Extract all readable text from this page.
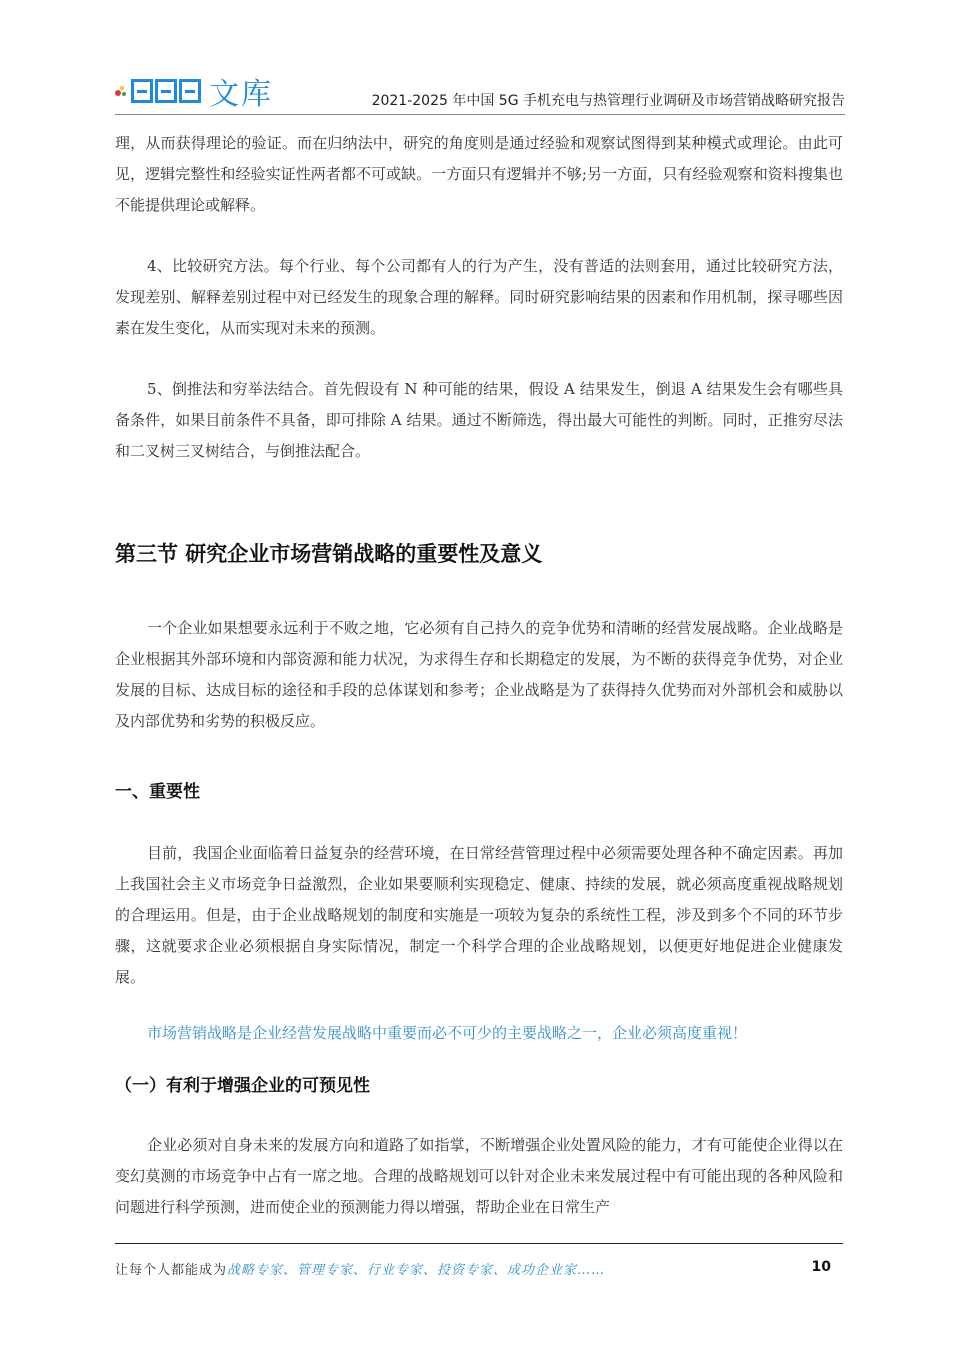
文库	2021-2025 年中国 5G 手机充电与热管理行业调研及市场营销战略研究报告

理，从而获得理论的验证。而在归纳法中，研究的角度则是通过经验和观察试图得到某种模式或理论。由此可见，逻辑完整性和经验实证性两者都不可或缺。一方面只有逻辑并不够;另一方面，只有经验观察和资料搜集也不能提供理论或解释。

4、比较研究方法。每个行业、每个公司都有人的行为产生，没有普适的法则套用，通过比较研究方法，发现差别、解释差别过程中对已经发生的现象合理的解释。同时研究影响结果的因素和作用机制，探寻哪些因素在发生变化，从而实现对未来的预测。

5、倒推法和穷举法结合。首先假设有 N 种可能的结果，假设 A 结果发生，倒退 A 结果发生会有哪些具备条件，如果目前条件不具备，即可排除 A 结果。通过不断筛选，得出最大可能性的判断。同时，正推穷尽法和二叉树三叉树结合，与倒推法配合。

第三节 研究企业市场营销战略的重要性及意义

一个企业如果想要永远利于不败之地，它必须有自己持久的竞争优势和清晰的经营发展战略。企业战略是企业根据其外部环境和内部资源和能力状况，为求得生存和长期稳定的发展，为不断的获得竞争优势，对企业发展的目标、达成目标的途径和手段的总体谋划和参考；企业战略是为了获得持久优势而对外部机会和威胁以及内部优势和劣势的积极反应。

一、重要性

目前，我国企业面临着日益复杂的经营环境，在日常经营管理过程中必须需要处理各种不确定因素。再加上我国社会主义市场竞争日益激烈，企业如果要顺利实现稳定、健康、持续的发展，就必须高度重视战略规划的合理运用。但是，由于企业战略规划的制度和实施是一项较为复杂的系统性工程，涉及到多个不同的环节步骤，这就要求企业必须根据自身实际情况，制定一个科学合理的企业战略规划，以便更好地促进企业健康发展。

市场营销战略是企业经营发展战略中重要而必不可少的主要战略之一，企业必须高度重视！

（一）有利于增强企业的可预见性

企业必须对自身未来的发展方向和道路了如指掌，不断增强企业处置风险的能力，才有可能使企业得以在变幻莫测的市场竞争中占有一席之地。合理的战略规划可以针对企业未来发展过程中有可能出现的各种风险和问题进行科学预测，进而使企业的预测能力得以增强，帮助企业在日常生产

让每个人都能成为战略专家、管理专家、行业专家、投资专家、成功企业家……	10
